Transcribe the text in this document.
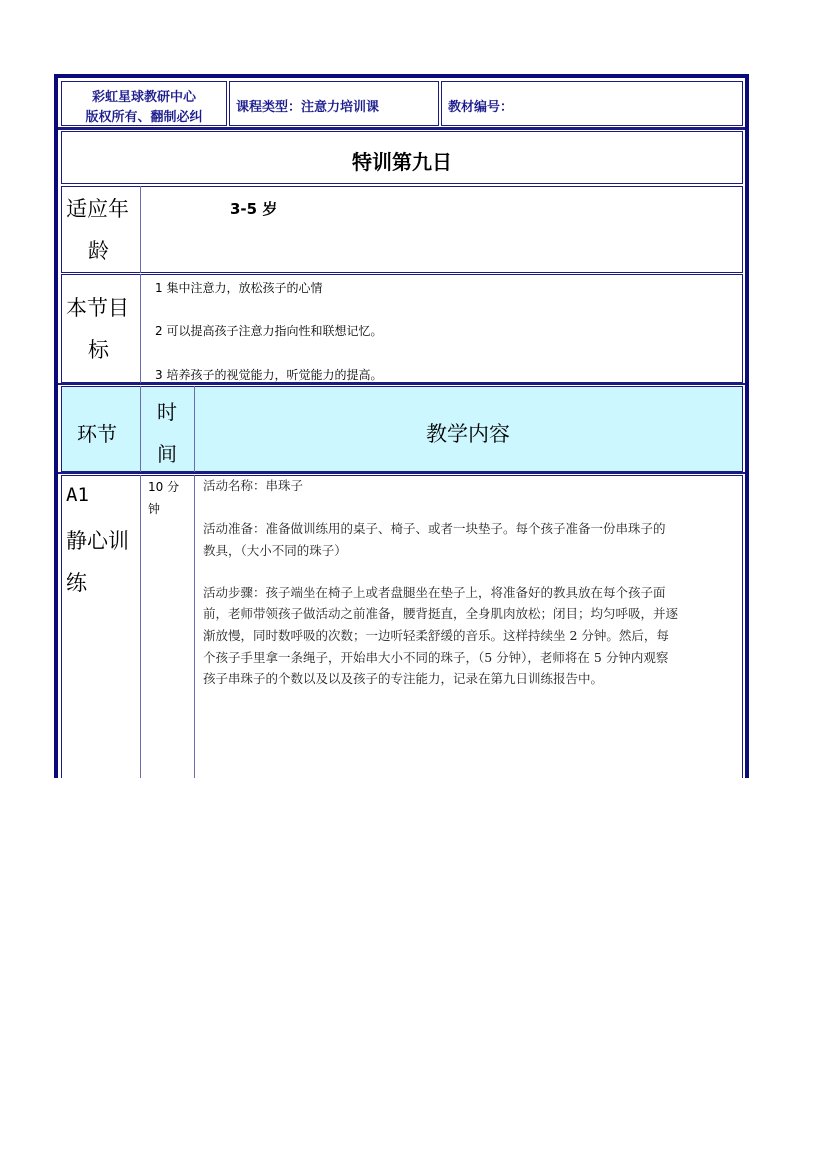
彩虹星球教研中心
版权所有、翻制必纠
课程类型：注意力培训课	教材编号：
特训第九日
适应年
龄
3-5 岁
本节目
标
1 集中注意力，放松孩子的心情
2 可以提高孩子注意力指向性和联想记忆。
3 培养孩子的视觉能力，听觉能力的提高。
环节
时
间
教学内容
A1
静心训
练
10 分
钟
活动名称：串珠子
活动准备：准备做训练用的桌子、椅子、或者一块垫子。每个孩子准备一份串珠子的
教具，（大小不同的珠子）
活动步骤：孩子端坐在椅子上或者盘腿坐在垫子上，将准备好的教具放在每个孩子面
前，老师带领孩子做活动之前准备，腰背挺直，全身肌肉放松；闭目；均匀呼吸，并逐
渐放慢，同时数呼吸的次数；一边听轻柔舒缓的音乐。这样持续坐 2 分钟。然后，每
个孩子手里拿一条绳子，开始串大小不同的珠子，（5 分钟），老师将在 5 分钟内观察
孩子串珠子的个数以及以及孩子的专注能力，记录在第九日训练报告中。
